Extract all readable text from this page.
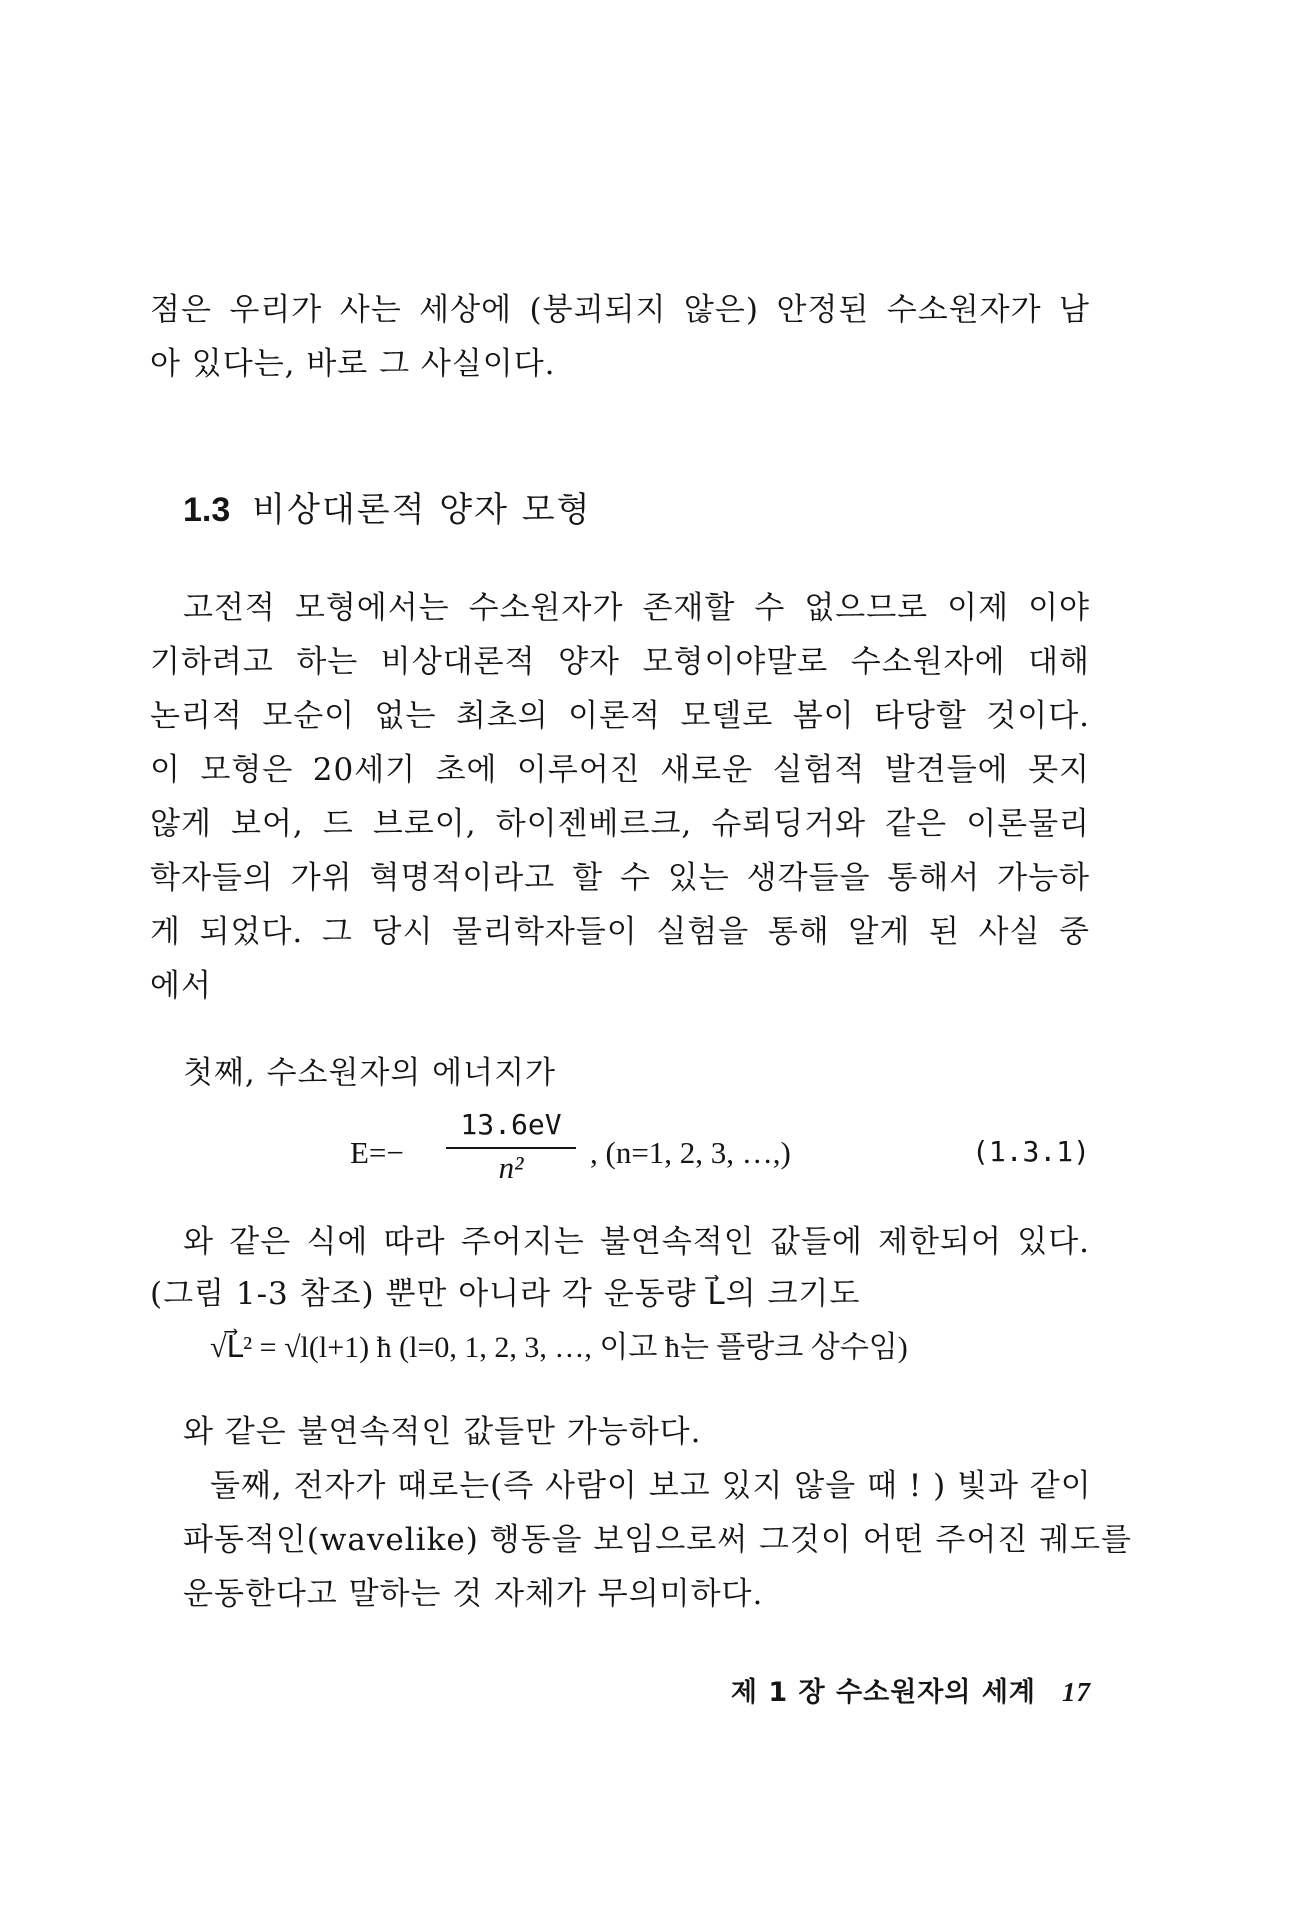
점은 우리가 사는 세상에 (붕괴되지 않은) 안정된 수소원자가 남
아 있다는, 바로 그 사실이다.
1.3 비상대론적 양자 모형
고전적 모형에서는 수소원자가 존재할 수 없으므로 이제 이야
기하려고 하는 비상대론적 양자 모형이야말로 수소원자에 대해
논리적 모순이 없는 최초의 이론적 모델로 봄이 타당할 것이다.
이 모형은 20세기 초에 이루어진 새로운 실험적 발견들에 못지
않게 보어, 드 브로이, 하이젠베르크, 슈뢰딩거와 같은 이론물리
학자들의 가위 혁명적이라고 할 수 있는 생각들을 통해서 가능하
게 되었다. 그 당시 물리학자들이 실험을 통해 알게 된 사실 중
에서
첫째, 수소원자의 에너지가
$E=- \frac{13.6eV}{\text{n²}}$ , (n=1, 2, 3, …,)	(1.3.1)
와 같은 식에 따라 주어지는 불연속적인 값들에 제한되어 있다.
(그림 1-3 참조) 뿐만 아니라 각 운동량 L⃗의 크기도
√L⃗² = √l(l+1) ħ (l=0, 1, 2, 3, …, 이고 ħ는 플랑크 상수임)
와 같은 불연속적인 값들만 가능하다.
둘째, 전자가 때로는(즉 사람이 보고 있지 않을 때 ! ) 빛과 같이
파동적인(wavelike) 행동을 보임으로써 그것이 어떤 주어진 궤도를
운동한다고 말하는 것 자체가 무의미하다.
제 1 장 수소원자의 세계 17
